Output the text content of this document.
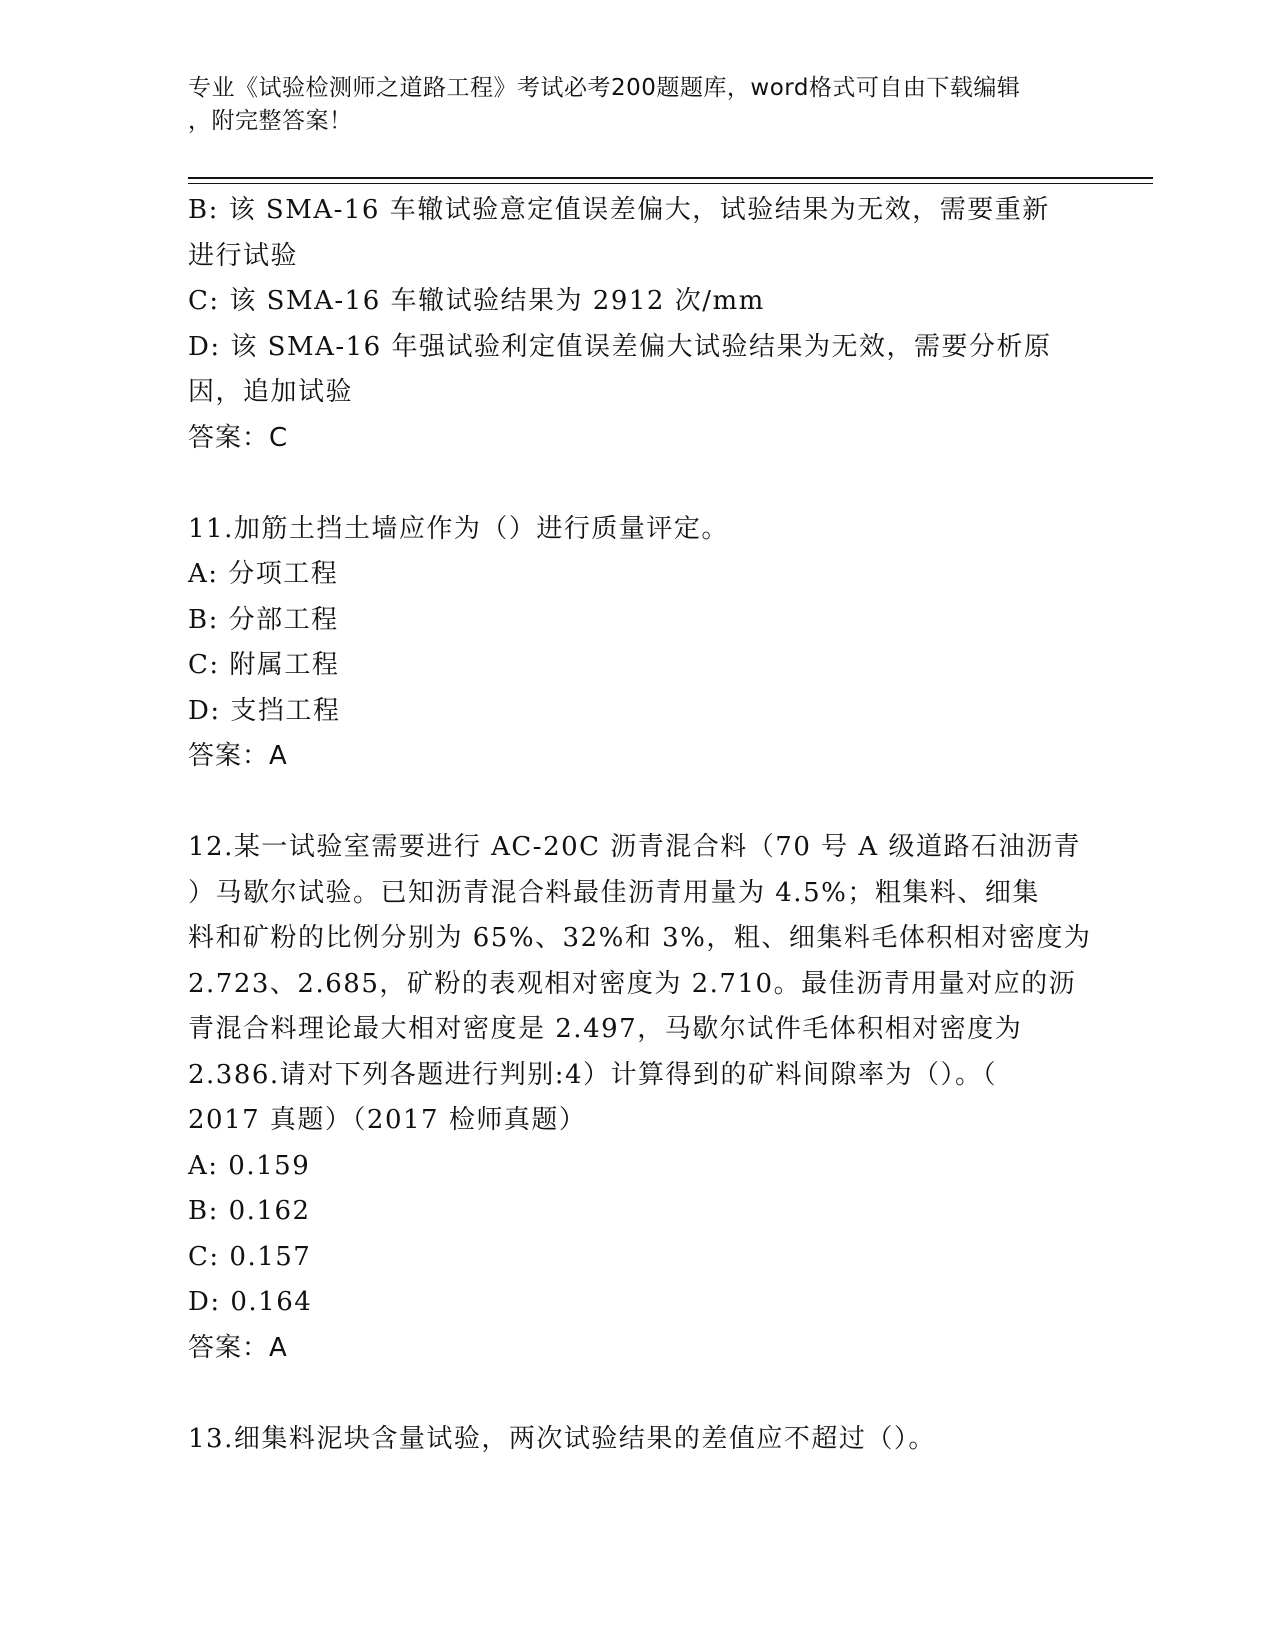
专业《试验检测师之道路工程》考试必考200题题库，word格式可自由下载编辑
，附完整答案！
B: 该 SMA-16 车辙试验意定值误差偏大，试验结果为无效，需要重新
进行试验
C: 该 SMA-16 车辙试验结果为 2912 次/mm
D: 该 SMA-16 年强试验利定值误差偏大试验结果为无效，需要分析原
因，追加试验
答案：C
11.加筋土挡土墙应作为（）进行质量评定。
A: 分项工程
B: 分部工程
C: 附属工程
D: 支挡工程
答案：A
12.某一试验室需要进行 AC-20C 沥青混合料（70 号 A 级道路石油沥青
）马歇尔试验。已知沥青混合料最佳沥青用量为 4.5%；粗集料、细集
料和矿粉的比例分别为 65%、32%和 3%，粗、细集料毛体积相对密度为
2.723、2.685，矿粉的表观相对密度为 2.710。最佳沥青用量对应的沥
青混合料理论最大相对密度是 2.497，马歇尔试件毛体积相对密度为
2.386.请对下列各题进行判别:4）计算得到的矿料间隙率为（）。（
2017 真题）（2017 检师真题）
A: 0.159
B: 0.162
C: 0.157
D: 0.164
答案：A
13.细集料泥块含量试验，两次试验结果的差值应不超过（）。
